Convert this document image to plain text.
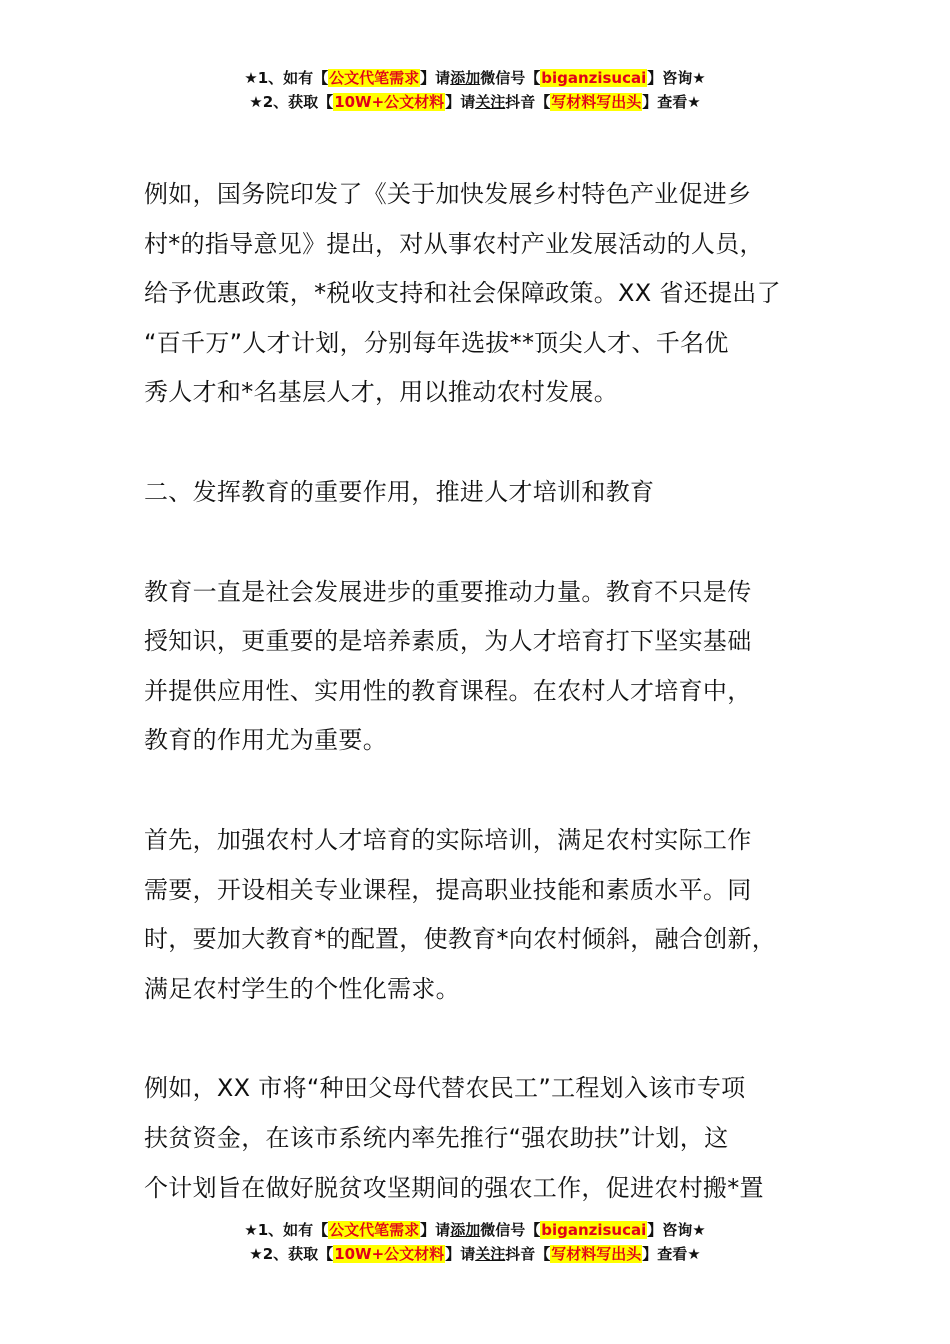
★1、如有【公文代笔需求】请添加微信号【biganzisucai】咨询★
★2、获取【10W+公文材料】请关注抖音【写材料写出头】查看★

例如，国务院印发了《关于加快发展乡村特色产业促进乡
村*的指导意见》提出，对从事农村产业发展活动的人员，
给予优惠政策，*税收支持和社会保障政策。XX 省还提出了
“百千万”人才计划，分别每年选拔**顶尖人才、千名优
秀人才和*名基层人才，用以推动农村发展。

二、发挥教育的重要作用，推进人才培训和教育

教育一直是社会发展进步的重要推动力量。教育不只是传
授知识，更重要的是培养素质，为人才培育打下坚实基础
并提供应用性、实用性的教育课程。在农村人才培育中，
教育的作用尤为重要。

首先，加强农村人才培育的实际培训，满足农村实际工作
需要，开设相关专业课程，提高职业技能和素质水平。同
时，要加大教育*的配置，使教育*向农村倾斜，融合创新，
满足农村学生的个性化需求。

例如，XX 市将“种田父母代替农民工”工程划入该市专项
扶贫资金，在该市系统内率先推行“强农助扶”计划，这
个计划旨在做好脱贫攻坚期间的强农工作，促进农村搬*置

★1、如有【公文代笔需求】请添加微信号【biganzisucai】咨询★
★2、获取【10W+公文材料】请关注抖音【写材料写出头】查看★
